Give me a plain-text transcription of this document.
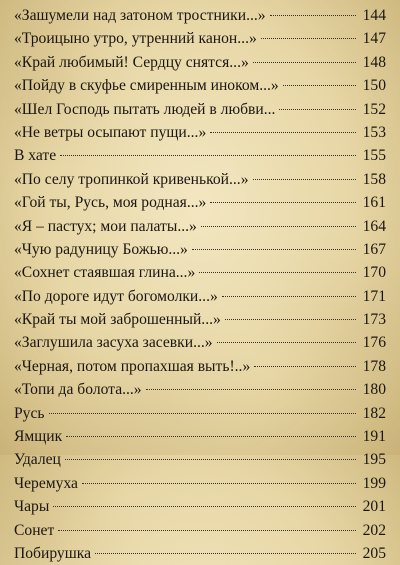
«Зашумели над затоном тростники...»	144
«Троицыно утро, утренний канон...»	147
«Край любимый! Сердцу снятся...»	148
«Пойду в скуфье смиренным иноком...»	150
«Шел Господь пытать людей в любви...	152
«Не ветры осыпают пущи...»	153
В хате	155
«По селу тропинкой кривенькой...»	158
«Гой ты, Русь, моя родная...»	161
«Я – пастух; мои палаты...»	164
«Чую радуницу Божью...»	167
«Сохнет стаявшая глина...»	170
«По дороге идут богомолки...»	171
«Край ты мой заброшенный...»	173
«Заглушила засуха засевки...»	176
«Черная, потом пропахшая выть!..»	178
«Топи да болота...»	180
Русь	182
Ямщик	191
Удалец	195
Черемуха	199
Чары	201
Сонет	202
Побирушка	205
